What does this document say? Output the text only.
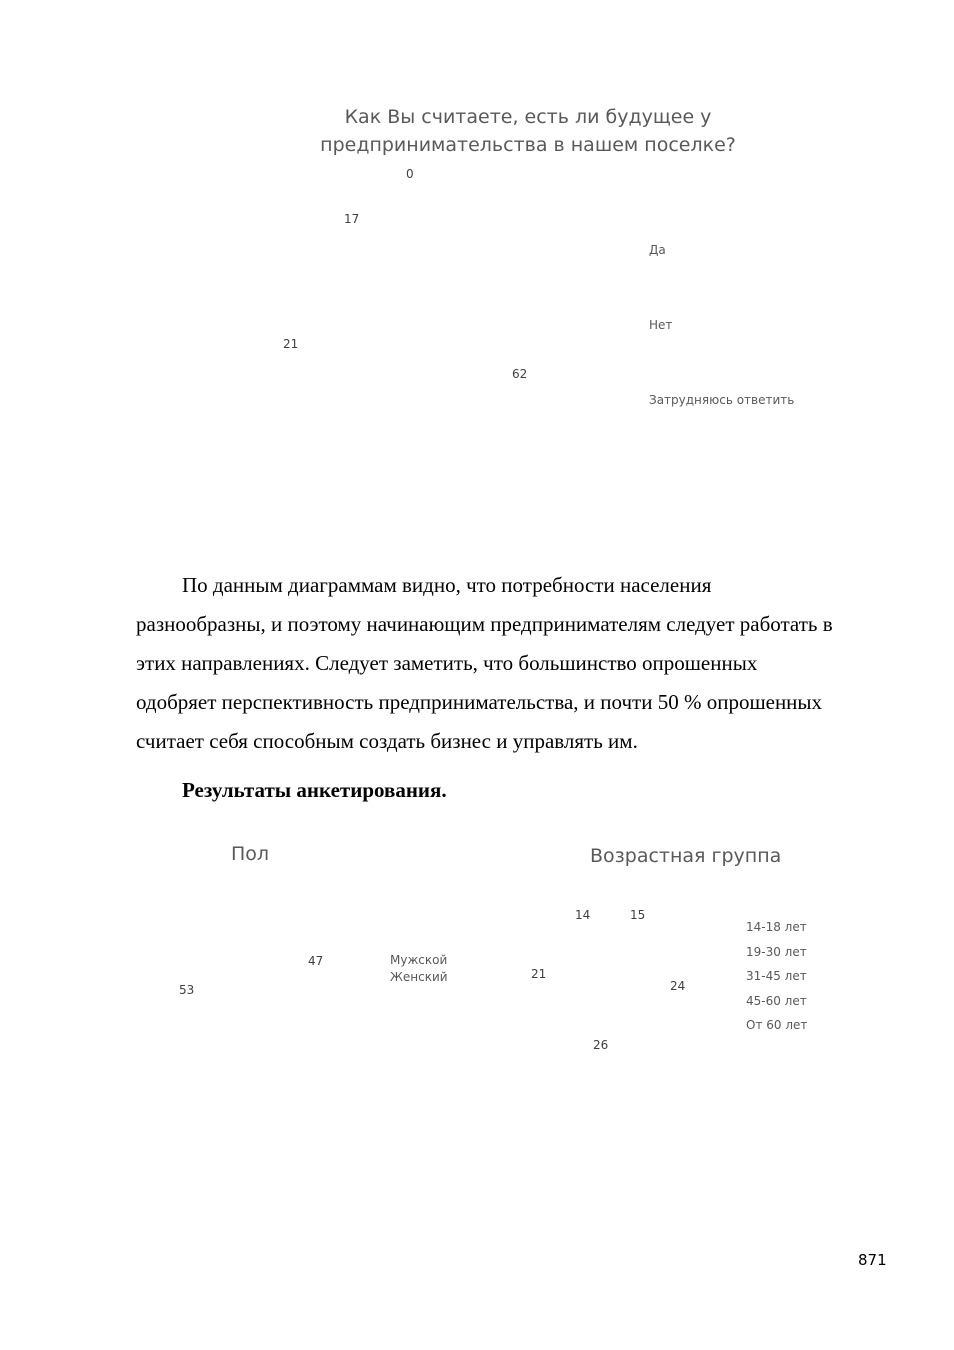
Как Вы считаете, есть ли будущее у
предпринимательства в нашем поселке?
0
17
21
62
Да
Нет
Затрудняюсь ответить
По данным диаграммам видно, что потребности населения
разнообразны, и поэтому начинающим предпринимателям следует работать в
этих направлениях. Следует заметить, что большинство опрошенных
одобряет перспективность предпринимательства, и почти 50 % опрошенных
считает себя способным создать бизнес и управлять им.
Результаты анкетирования.
Пол
47
53
Мужской
Женский
Возрастная группа
14	15
21
24
26
14-18 лет
19-30 лет
31-45 лет
45-60 лет
От 60 лет
871
